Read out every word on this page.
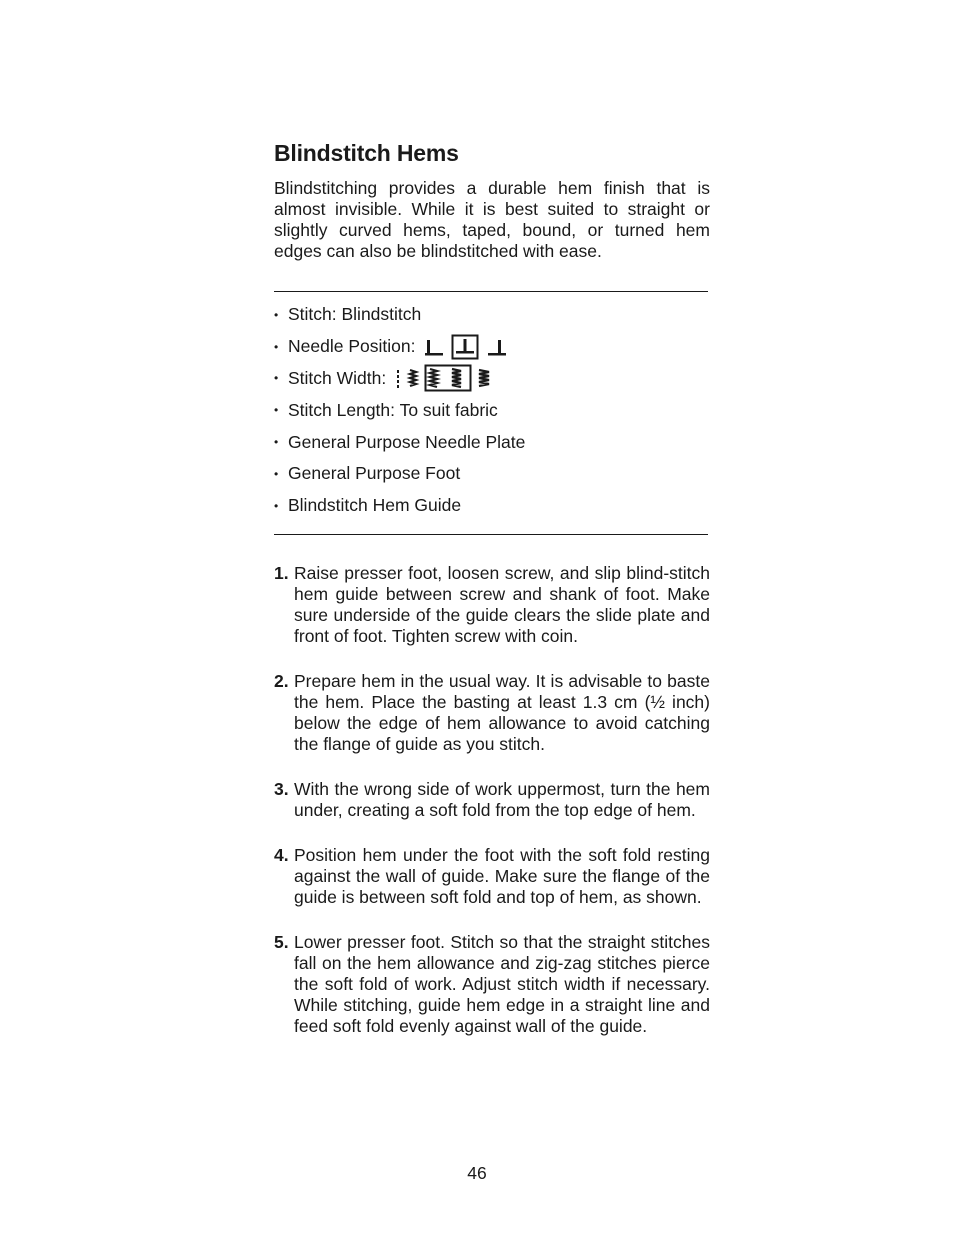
Blindstitch Hems

Blindstitching provides a durable hem finish that is almost invisible. While it is best suited to straight or slightly curved hems, taped, bound, or turned hem edges can also be blindstitched with ease.

• Stitch: Blindstitch
• Needle Position:
• Stitch Width:
• Stitch Length: To suit fabric
• General Purpose Needle Plate
• General Purpose Foot
• Blindstitch Hem Guide
1. Raise presser foot, loosen screw, and slip blind-stitch hem guide between screw and shank of foot. Make sure underside of the guide clears the slide plate and front of foot. Tighten screw with coin.
2. Prepare hem in the usual way. It is advisable to baste the hem. Place the basting at least 1.3 cm (½ inch) below the edge of hem allowance to avoid catching the flange of guide as you stitch.
3. With the wrong side of work uppermost, turn the hem under, creating a soft fold from the top edge of hem.
4. Position hem under the foot with the soft fold resting against the wall of guide. Make sure the flange of the guide is between soft fold and top of hem, as shown.
5. Lower presser foot. Stitch so that the straight stitches fall on the hem allowance and zig-zag stitches pierce the soft fold of work. Adjust stitch width if necessary. While stitching, guide hem edge in a straight line and feed soft fold evenly against wall of the guide.
46
